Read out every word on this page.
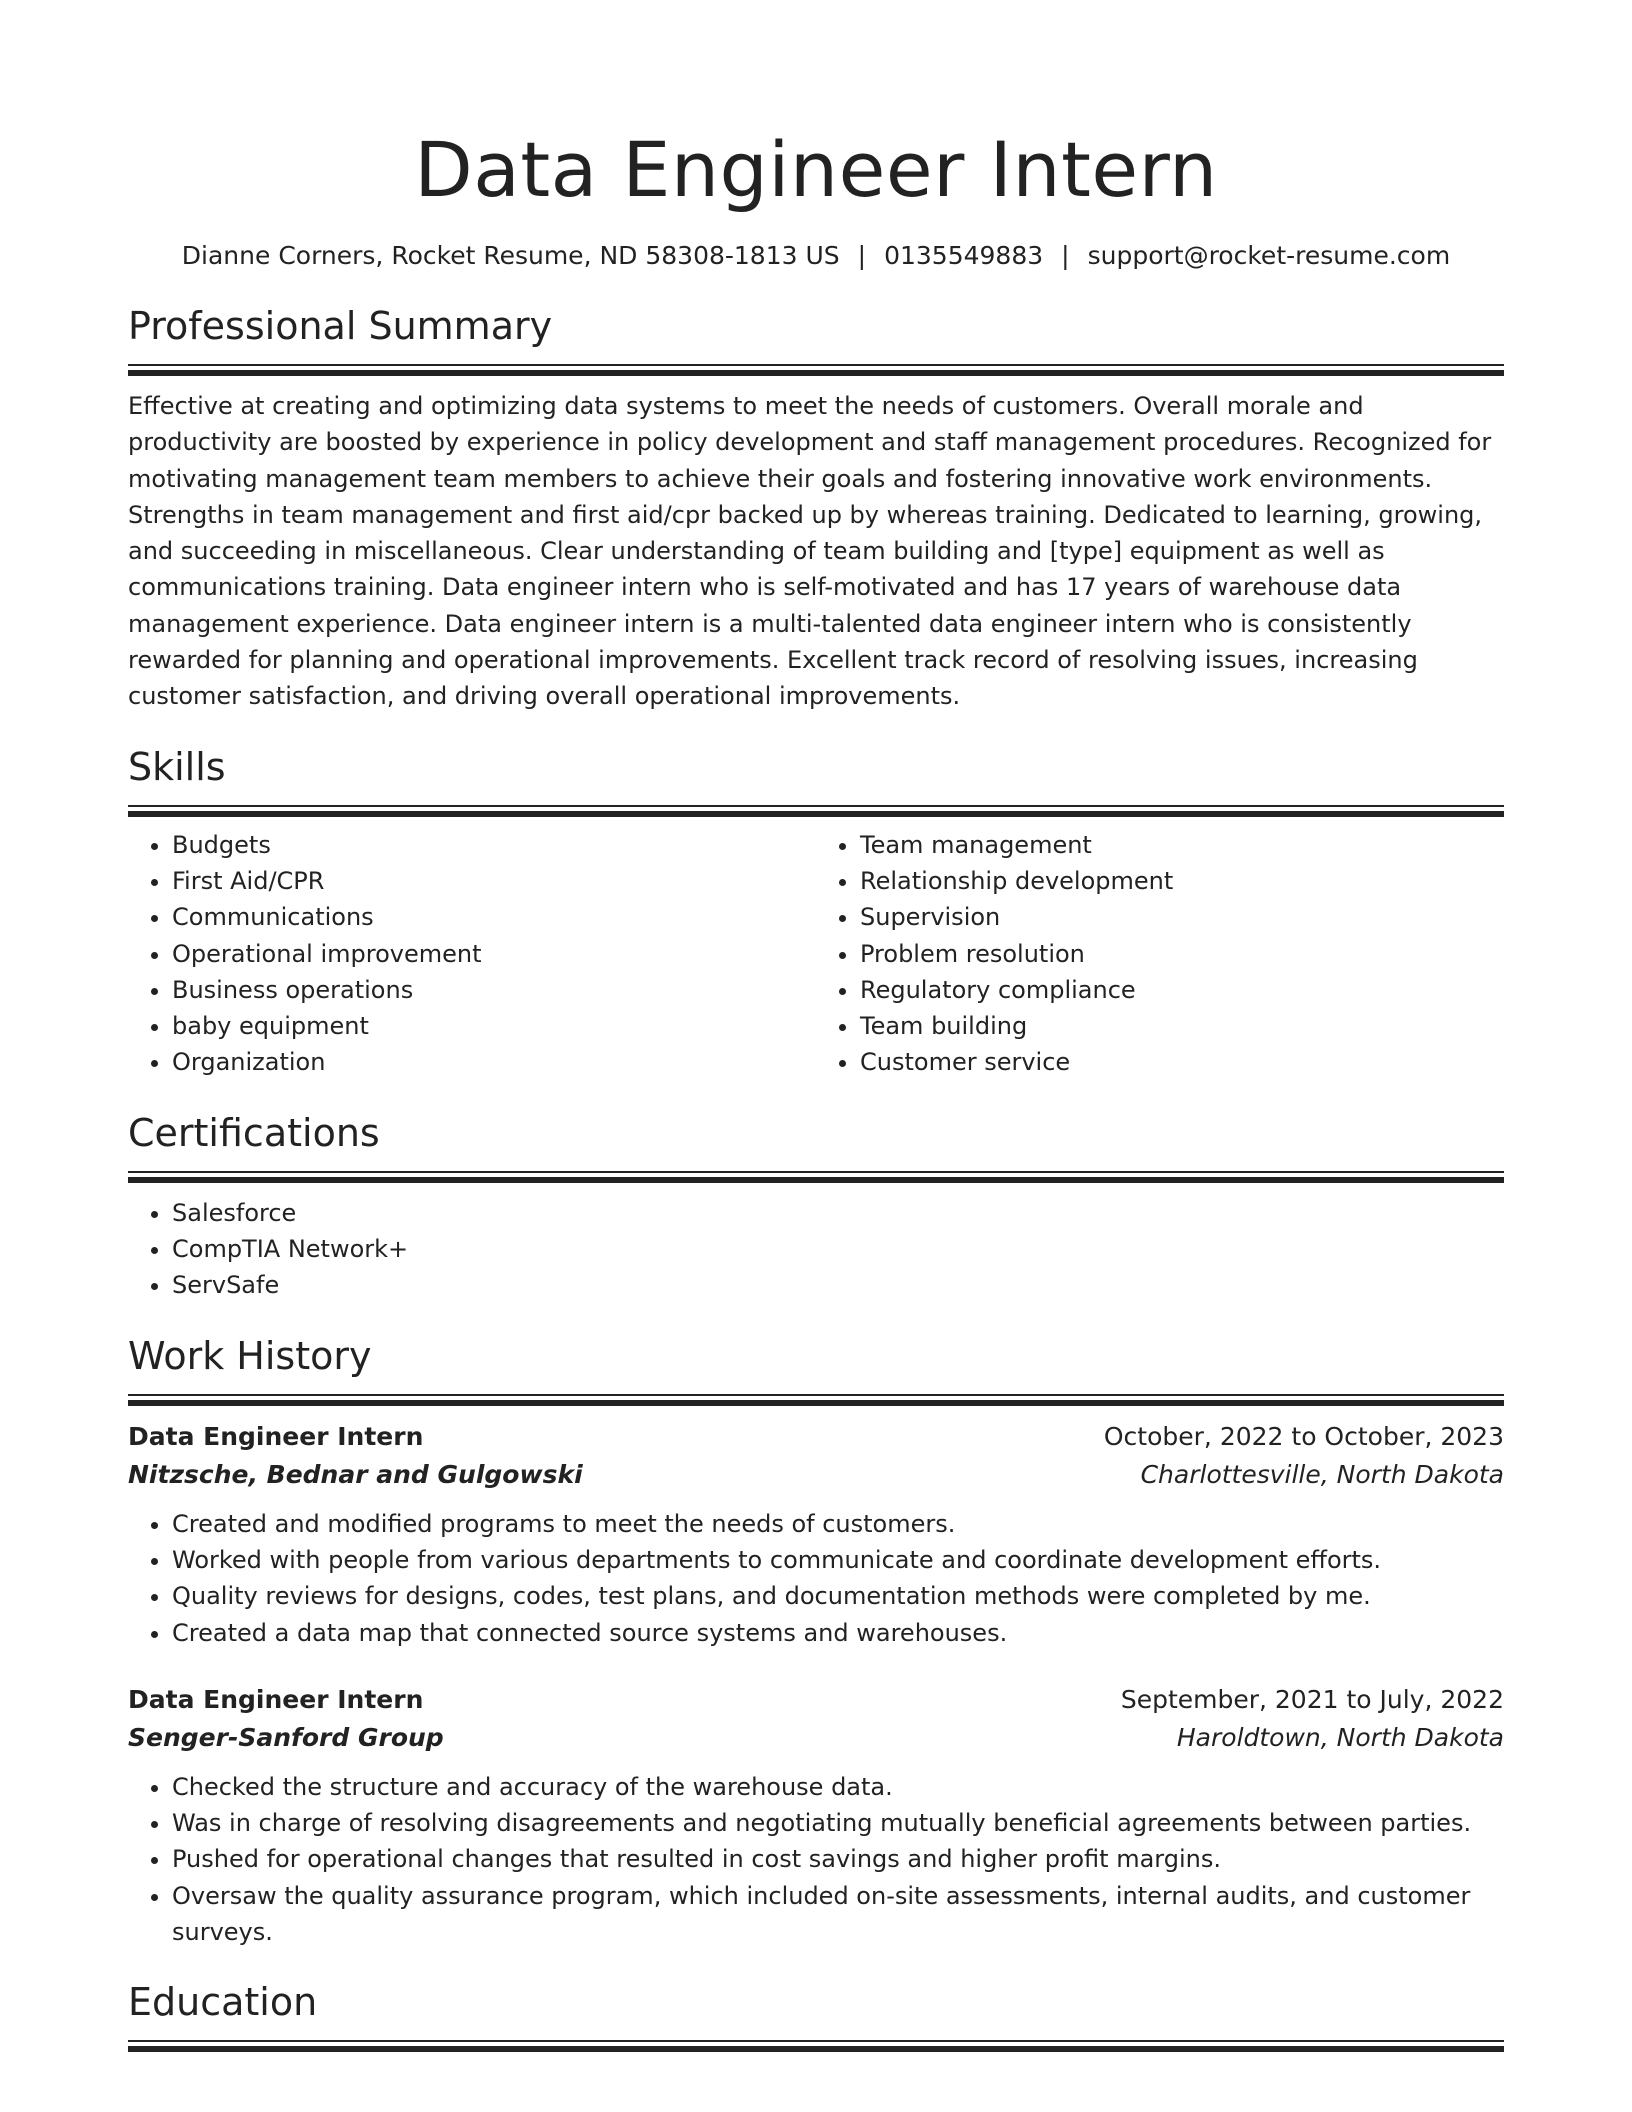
Data Engineer Intern
Dianne Corners, Rocket Resume, ND 58308-1813 US | 0135549883 | support@rocket-resume.com
Professional Summary
Effective at creating and optimizing data systems to meet the needs of customers. Overall morale and productivity are boosted by experience in policy development and staff management procedures. Recognized for motivating management team members to achieve their goals and fostering innovative work environments. Strengths in team management and first aid/cpr backed up by whereas training. Dedicated to learning, growing, and succeeding in miscellaneous. Clear understanding of team building and [type] equipment as well as communications training. Data engineer intern who is self-motivated and has 17 years of warehouse data management experience. Data engineer intern is a multi-talented data engineer intern who is consistently rewarded for planning and operational improvements. Excellent track record of resolving issues, increasing customer satisfaction, and driving overall operational improvements.
Skills
• Budgets
• First Aid/CPR
• Communications
• Operational improvement
• Business operations
• baby equipment
• Organization
• Team management
• Relationship development
• Supervision
• Problem resolution
• Regulatory compliance
• Team building
• Customer service
Certifications
• Salesforce
• CompTIA Network+
• ServSafe
Work History
Data Engineer Intern	October, 2022 to October, 2023
Nitzsche, Bednar and Gulgowski	Charlottesville, North Dakota
• Created and modified programs to meet the needs of customers.
• Worked with people from various departments to communicate and coordinate development efforts.
• Quality reviews for designs, codes, test plans, and documentation methods were completed by me.
• Created a data map that connected source systems and warehouses.
Data Engineer Intern	September, 2021 to July, 2022
Senger-Sanford Group	Haroldtown, North Dakota
• Checked the structure and accuracy of the warehouse data.
• Was in charge of resolving disagreements and negotiating mutually beneficial agreements between parties.
• Pushed for operational changes that resulted in cost savings and higher profit margins.
• Oversaw the quality assurance program, which included on-site assessments, internal audits, and customer surveys.
Education
